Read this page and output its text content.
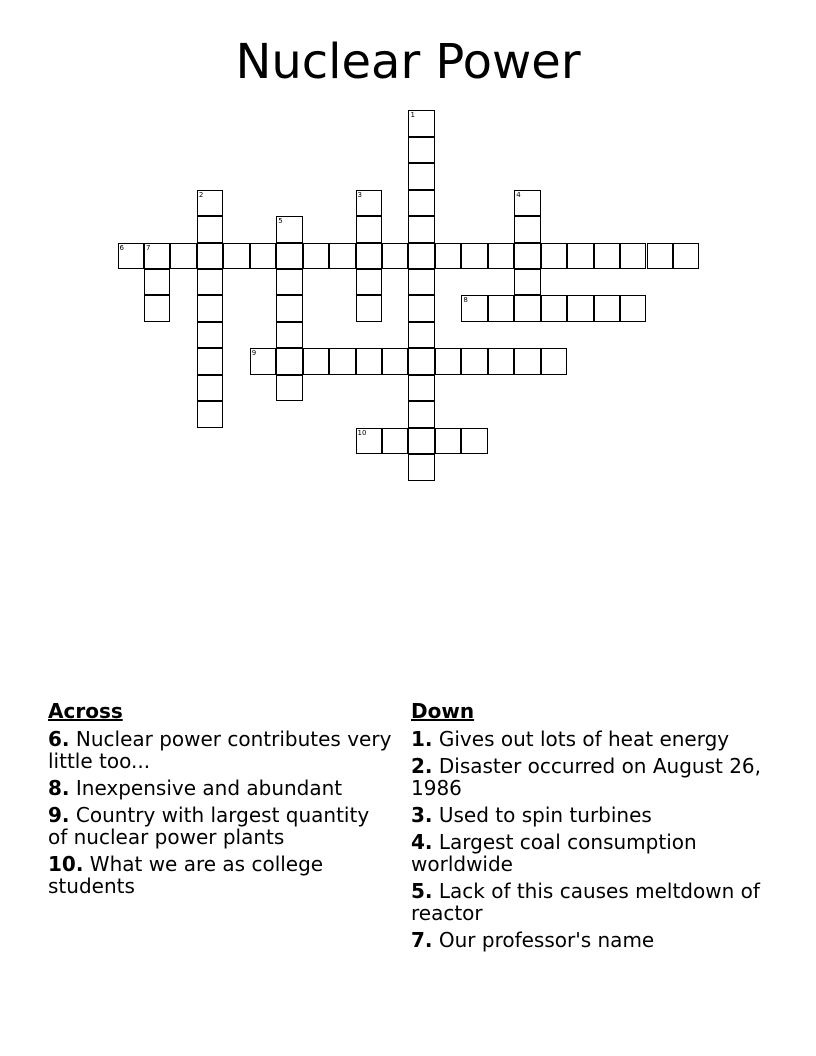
Nuclear Power
1
2	3	4
5
6	7
8
9
10
Across
6. Nuclear power contributes very little too...
8. Inexpensive and abundant
9. Country with largest quantity of nuclear power plants
10. What we are as college students
Down
1. Gives out lots of heat energy
2. Disaster occurred on August 26, 1986
3. Used to spin turbines
4. Largest coal consumption worldwide
5. Lack of this causes meltdown of reactor
7. Our professor's name
